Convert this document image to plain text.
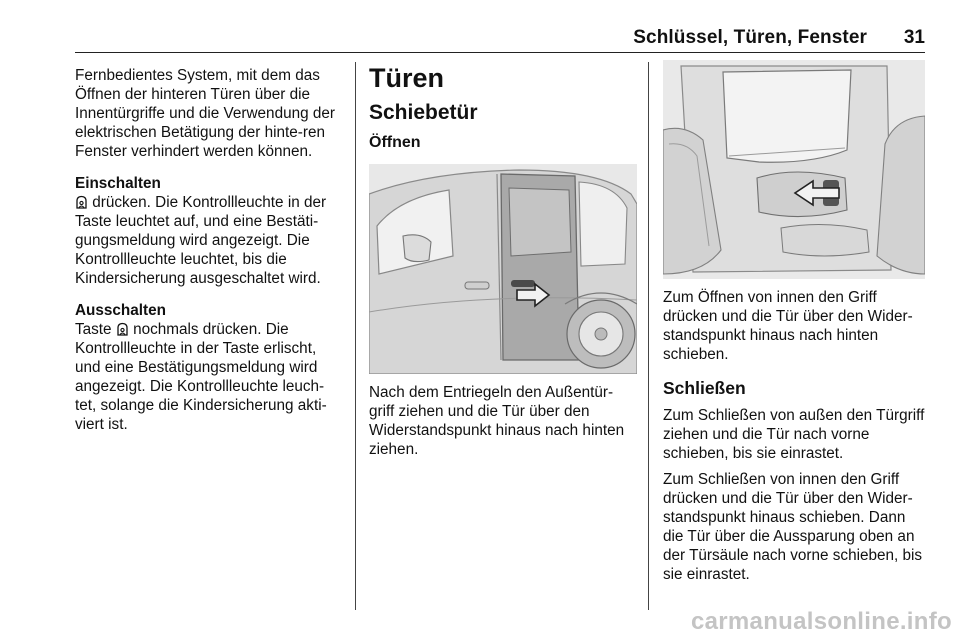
Schlüssel, Türen, Fenster 31

Fernbedientes System, mit dem das Öffnen der hinteren Türen über die Innentürgriffe und die Verwendung der elektrischen Betätigung der hinte-ren Fenster verhindert werden können.

Einschalten

drücken. Die Kontrollleuchte in der Taste leuchtet auf, und eine Bestäti-gungsmeldung wird angezeigt. Die Kontrollleuchte leuchtet, bis die Kindersicherung ausgeschaltet wird.

Ausschalten

Taste nochmals drücken. Die Kontrollleuchte in der Taste erlischt, und eine Bestätigungsmeldung wird angezeigt. Die Kontrollleuchte leuch-tet, solange die Kindersicherung akti-viert ist.

Türen
Schiebetür
Öffnen

Nach dem Entriegeln den Außentür-griff ziehen und die Tür über den Widerstandspunkt hinaus nach hinten ziehen.

Zum Öffnen von innen den Griff drücken und die Tür über den Wider-standspunkt hinaus nach hinten schieben.

Schließen

Zum Schließen von außen den Türgriff ziehen und die Tür nach vorne schieben, bis sie einrastet.

Zum Schließen von innen den Griff drücken und die Tür über den Wider-standspunkt hinaus schieben. Dann die Tür über die Aussparung oben an der Türsäule nach vorne schieben, bis sie einrastet.

carmanualsonline.info
